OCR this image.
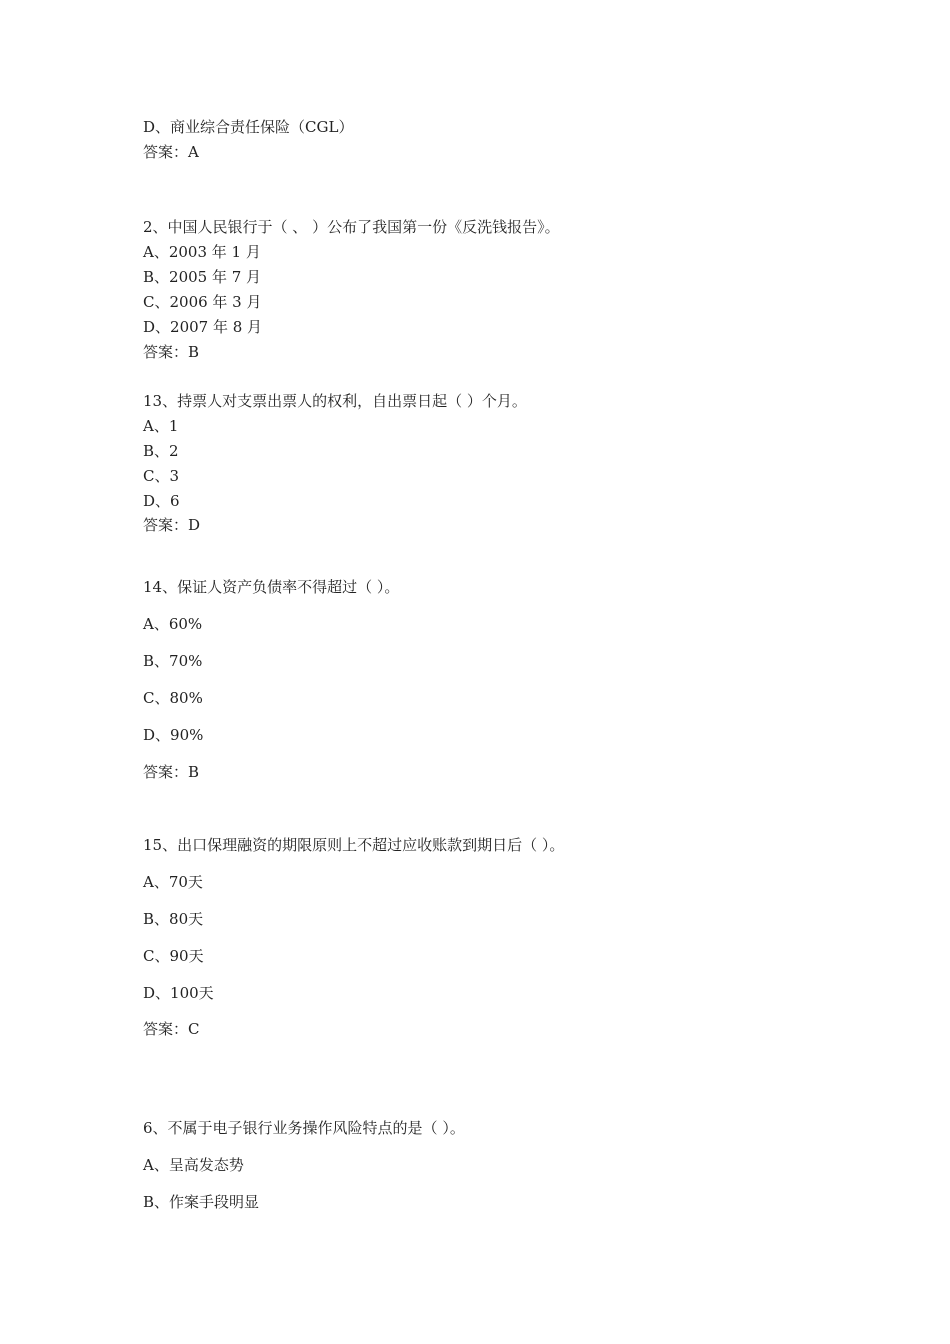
D、商业综合责任保险（CGL）
答案：A
2、中国人民银行于（ 、 ）公布了我国第一份《反洗钱报告》。
A、2003 年 1 月
B、2005 年 7 月
C、2006 年 3 月
D、2007 年 8 月
答案：B
13、持票人对支票出票人的权利，自出票日起（ ）个月。
A、1
B、2
C、3
D、6
答案：D
14、保证人资产负债率不得超过（ ）。
A、60%
B、70%
C、80%
D、90%
答案：B
15、出口保理融资的期限原则上不超过应收账款到期日后（ ）。
A、70天
B、80天
C、90天
D、100天
答案：C
6、不属于电子银行业务操作风险特点的是（ ）。
A、呈高发态势
B、作案手段明显
